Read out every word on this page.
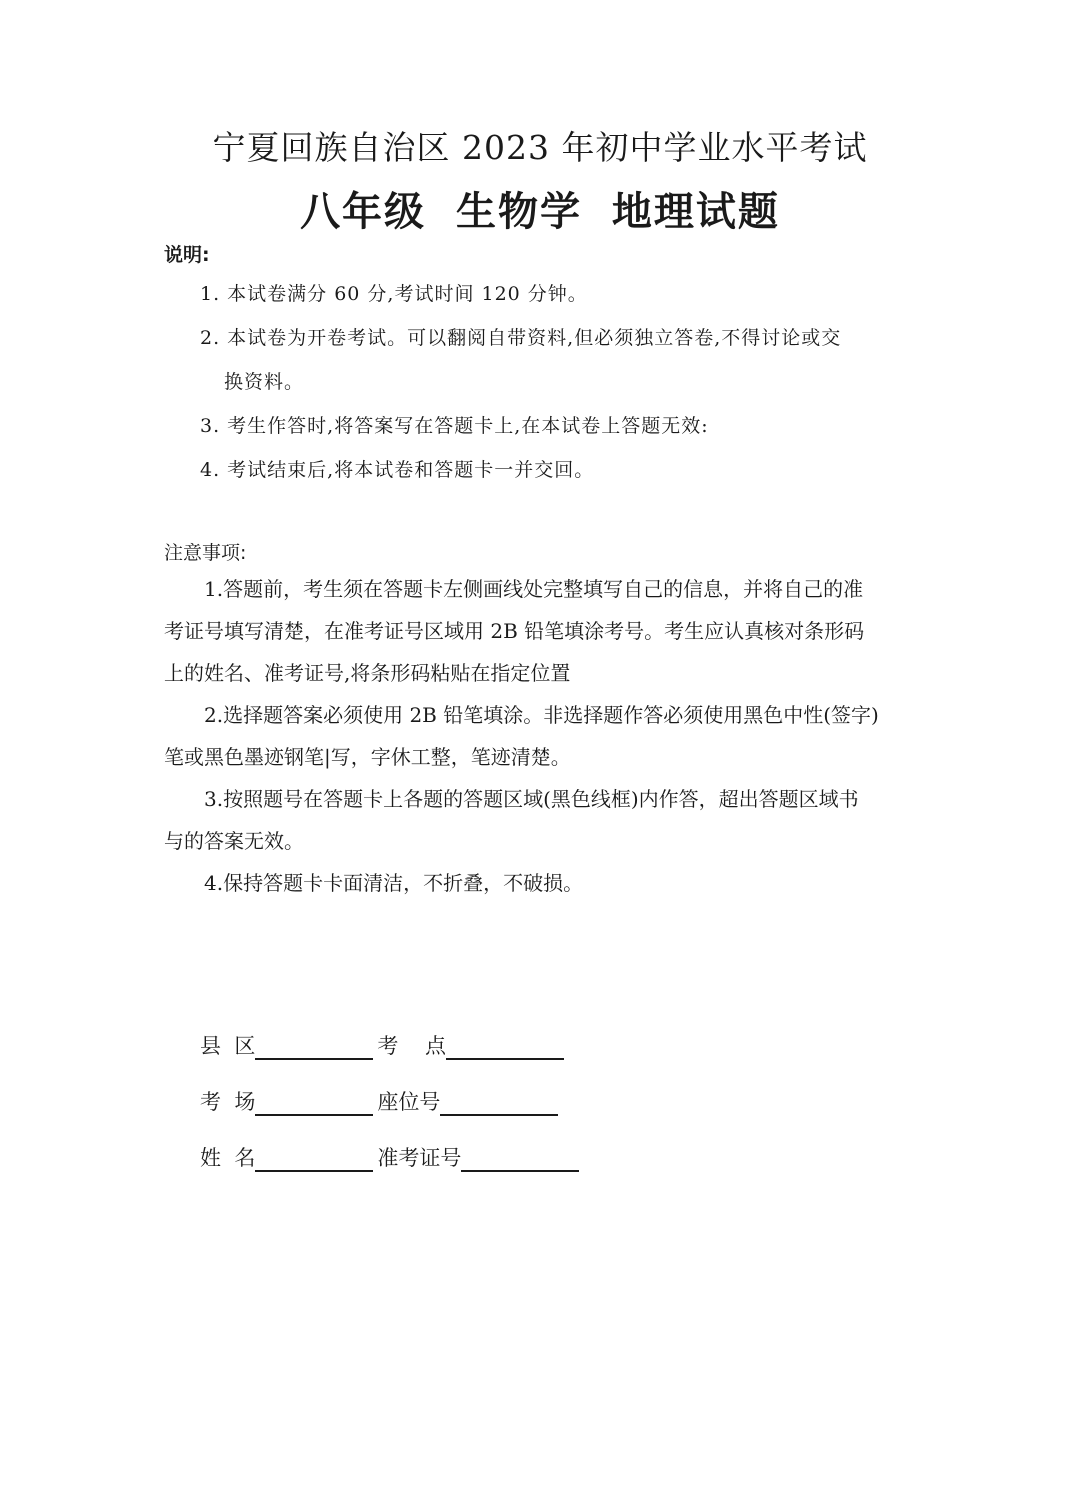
宁夏回族自治区 2023 年初中学业水平考试
八年级 生物学 地理试题
说明:
1. 本试卷满分 60 分,考试时间 120 分钟。
2. 本试卷为开卷考试。可以翻阅自带资料,但必须独立答卷,不得讨论或交
换资料。
3. 考生作答时,将答案写在答题卡上,在本试卷上答题无效:
4. 考试结束后,将本试卷和答题卡一并交回。
注意事项:
1.答题前，考生须在答题卡左侧画线处完整填写自己的信息，并将自己的准
考证号填写清楚，在准考证号区域用 2B 铅笔填涂考号。考生应认真核对条形码
上的姓名、准考证号,将条形码粘贴在指定位置
2.选择题答案必须使用 2B 铅笔填涂。非选择题作答必须使用黑色中性(签字)
笔或黑色墨迹钢笔|写，字休工整，笔迹清楚。
3.按照题号在答题卡上各题的答题区域(黑色线框)内作答，超出答题区域书
与的答案无效。
4.保持答题卡卡面清洁，不折叠，不破损。
县  区	考    点
考  场	座位号
姓  名	准考证号
